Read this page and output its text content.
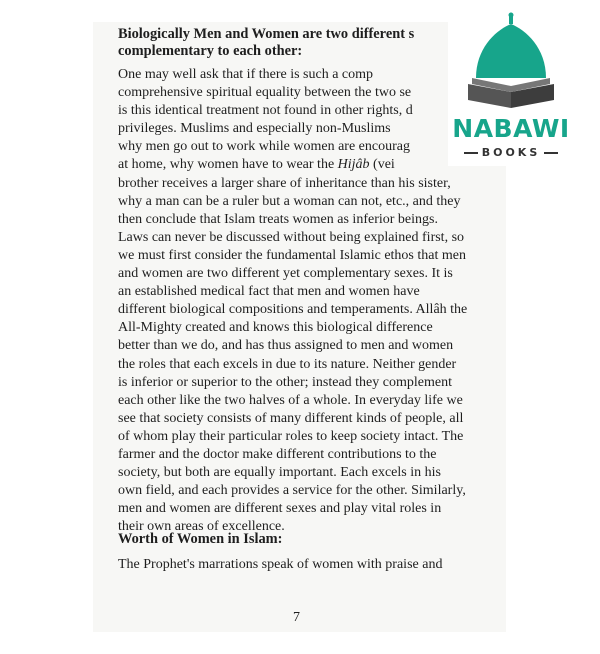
Biologically Men and Women are two different s
complementary to each other:
One may well ask that if there is such a comp
comprehensive spiritual equality between the two se
is this identical treatment not found in other rights, d
privileges. Muslims and especially non-Muslims
why men go out to work while women are encourag
at home, why women have to wear the Hijâb (vei
brother receives a larger share of inheritance than his sister,
why a man can be a ruler but a woman can not, etc., and they
then conclude that Islam treats women as inferior beings.
Laws can never be discussed without being explained first, so
we must first consider the fundamental Islamic ethos that men
and women are two different yet complementary sexes. It is
an established medical fact that men and women have
different biological compositions and temperaments. Allâh the
All-Mighty created and knows this biological difference
better than we do, and has thus assigned to men and women
the roles that each excels in due to its nature. Neither gender
is inferior or superior to the other; instead they complement
each other like the two halves of a whole. In everyday life we
see that society consists of many different kinds of people, all
of whom play their particular roles to keep society intact. The
farmer and the doctor make different contributions to the
society, but both are equally important. Each excels in his
own field, and each provides a service for the other. Similarly,
men and women are different sexes and play vital roles in
their own areas of excellence.
Worth of Women in Islam:
The Prophet's marrations speak of women with praise and
7
NABAWI
BOOKS
